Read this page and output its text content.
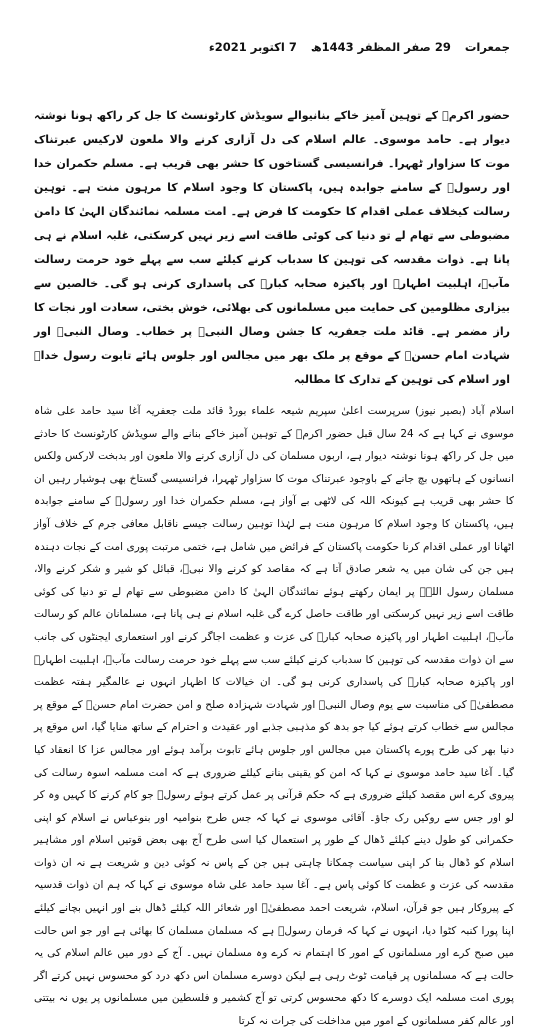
جمعرات 29 صفر المظفر 1443ھ 7 اکتوبر 2021ء

حضور اکرمؐ کے توہین آمیز خاکے بنانیوالے سویڈش کارٹونسٹ کا جل کر راکھ ہونا نوشتہ دیوار ہے۔ حامد موسوی۔ عالم اسلام کی دل آزاری کرنے والا ملعون لارکیس عبرتناک موت کا سزاوار ٹھہرا۔ فرانسیسی گستاخوں کا حشر بھی قریب ہے۔ مسلم حکمران خدا اور رسولؐ کے سامنے جوابدہ ہیں، پاکستان کا وجود اسلام کا مرہون منت ہے۔ توہین رسالت کیخلاف عملی اقدام کا حکومت کا فرض ہے۔ امت مسلمہ نمائندگان الہیٰ کا دامن مضبوطی سے تھام لے تو دنیا کی کوئی طاقت اسے زیر نہیں کرسکتی، غلبہ اسلام نے ہی پانا ہے۔ ذوات مقدسہ کی توہین کا سدباب کرنے کیلئے سب سے پہلے خود حرمت رسالت مآبؐ، اہلبیت اطہارؑ اور پاکیزہ صحابہ کبارؓ کی پاسداری کرنی ہو گی۔ خالصین سے بیزاری مظلومین کی حمایت میں مسلمانوں کی بھلائی، خوش بختی، سعادت اور نجات کا راز مضمر ہے۔ قائد ملت جعفریہ کا جشن وصال النبیؐ پر خطاب۔ وصال النبیؐ اور شہادت امام حسنؑ کے موقع پر ملک بھر میں مجالس اور جلوس ہائے تابوت رسول خداؐ اور اسلام کی توہین کے تدارک کا مطالبہ

اسلام آباد (بصیر نیوز) سرپرست اعلیٰ سپریم شیعہ علماء بورڈ قائد ملت جعفریہ آغا سید حامد علی شاہ موسوی نے کہا ہے کہ 24 سال قبل حضور اکرمؐ کے توہین آمیز خاکے بنانے والے سویڈش کارٹونسٹ کا حادثے میں جل کر راکھ ہونا نوشتہ دیوار ہے، اربوں مسلمان کی دل آزاری کرنے والا ملعون اور بدبخت لارکس ولکس انسانوں کے ہاتھوں بچ جانے کے باوجود عبرتناک موت کا سزاوار ٹھہرا، فرانسیسی گستاخ بھی ہوشیار رہیں ان کا حشر بھی قریب ہے کیونکہ اللہ کی لاٹھی بے آواز ہے، مسلم حکمران خدا اور رسولؐ کے سامنے جوابدہ ہیں، پاکستان کا وجود اسلام کا مرہون منت ہے لہٰذا توہین رسالت جیسے ناقابل معافی جرم کے خلاف آواز اٹھانا اور عملی اقدام کرنا حکومت پاکستان کے فرائض میں شامل ہے، ختمی مرتبت پوری امت کے نجات دہندہ ہیں جن کی شان میں یہ شعر صادق آتا ہے کہ مقاصد کو کرنے والا نبیؐ، قبائل کو شیر و شکر کرنے والا، مسلمان رسول اللہؐ پر ایمان رکھتے ہوئے نمائندگان الہیٰ کا دامن مضبوطی سے تھام لے تو دنیا کی کوئی طاقت اسے زیر نہیں کرسکتی اور طاقت حاصل کرے گی غلبہ اسلام نے ہی پانا ہے، مسلمانان عالم کو رسالت مآبؐ، اہلبیت اطہار اور پاکیزہ صحابہ کبارؓ کی عزت و عظمت اجاگر کرنے اور استعماری ایجنٹوں کی جانب سے ان ذوات مقدسہ کی توہین کا سدباب کرنے کیلئے سب سے پہلے خود حرمت رسالت مآبؐ، اہلبیت اطہارؑ اور پاکیزہ صحابہ کبارؓ کی پاسداری کرنی ہو گی۔ ان خیالات کا اظہار انہوں نے عالمگیر ہفتہ عظمت مصطفیٰؐ کی مناسبت سے یوم وصال النبیؐ اور شہادت شہزادہ صلح و امن حضرت امام حسنؑ کے موقع پر مجالس سے خطاب کرتے ہوئے کیا جو بدھ کو مذہبی جذبے اور عقیدت و احترام کے ساتھ منایا گیا، اس موقع پر دنیا بھر کی طرح پورے پاکستان میں مجالس اور جلوس ہائے تابوت برآمد ہوئے اور مجالس عزا کا انعقاد کیا گیا۔ آغا سید حامد موسوی نے کہا کہ امن کو یقینی بنانے کیلئے ضروری ہے کہ امت مسلمہ اسوہ رسالت کی پیروی کرے اس مقصد کیلئے ضروری ہے کہ حکم قرآنی پر عمل کرتے ہوئے رسولؐ جو کام کرنے کا کہیں وہ کر لو اور جس سے روکیں رک جاؤ۔ آقائی موسوی نے کہا کہ جس طرح بنوامیہ اور بنوعباس نے اسلام کو اپنی حکمرانی کو طول دینے کیلئے ڈھال کے طور پر استعمال کیا اسی طرح آج بھی بعض قوتیں اسلام اور مشاہیر اسلام کو ڈھال بنا کر اپنی سیاست چمکانا چاہتی ہیں جن کے پاس نہ کوئی دین و شریعت ہے نہ ان ذوات مقدسہ کی عزت و عظمت کا کوئی پاس ہے۔ آغا سید حامد علی شاہ موسوی نے کہا کہ ہم ان ذوات قدسیہ کے پیروکار ہیں جو قرآن، اسلام، شریعت احمد مصطفیٰؐ اور شعائر اللہ کیلئے ڈھال بنے اور انہیں بچانے کیلئے اپنا پورا کنبہ کٹوا دیا، انہوں نے کہا کہ فرمان رسولؐ ہے کہ مسلمان مسلمان کا بھائی ہے اور جو اس حالت میں صبح کرے اور مسلمانوں کے امور کا اہتمام نہ کرے وہ مسلمان نہیں۔ آج کے دور میں عالم اسلام کی یہ حالت ہے کہ مسلمانوں پر قیامت ٹوٹ رہی ہے لیکن دوسرے مسلمان اس دکھ درد کو محسوس نہیں کرتے اگر پوری امت مسلمہ ایک دوسرے کا دکھ محسوس کرتی تو آج کشمیر و فلسطین میں مسلمانوں پر یوں نہ بیتتی اور عالم کفر مسلمانوں کے امور میں مداخلت کی جرات نہ کرتا
